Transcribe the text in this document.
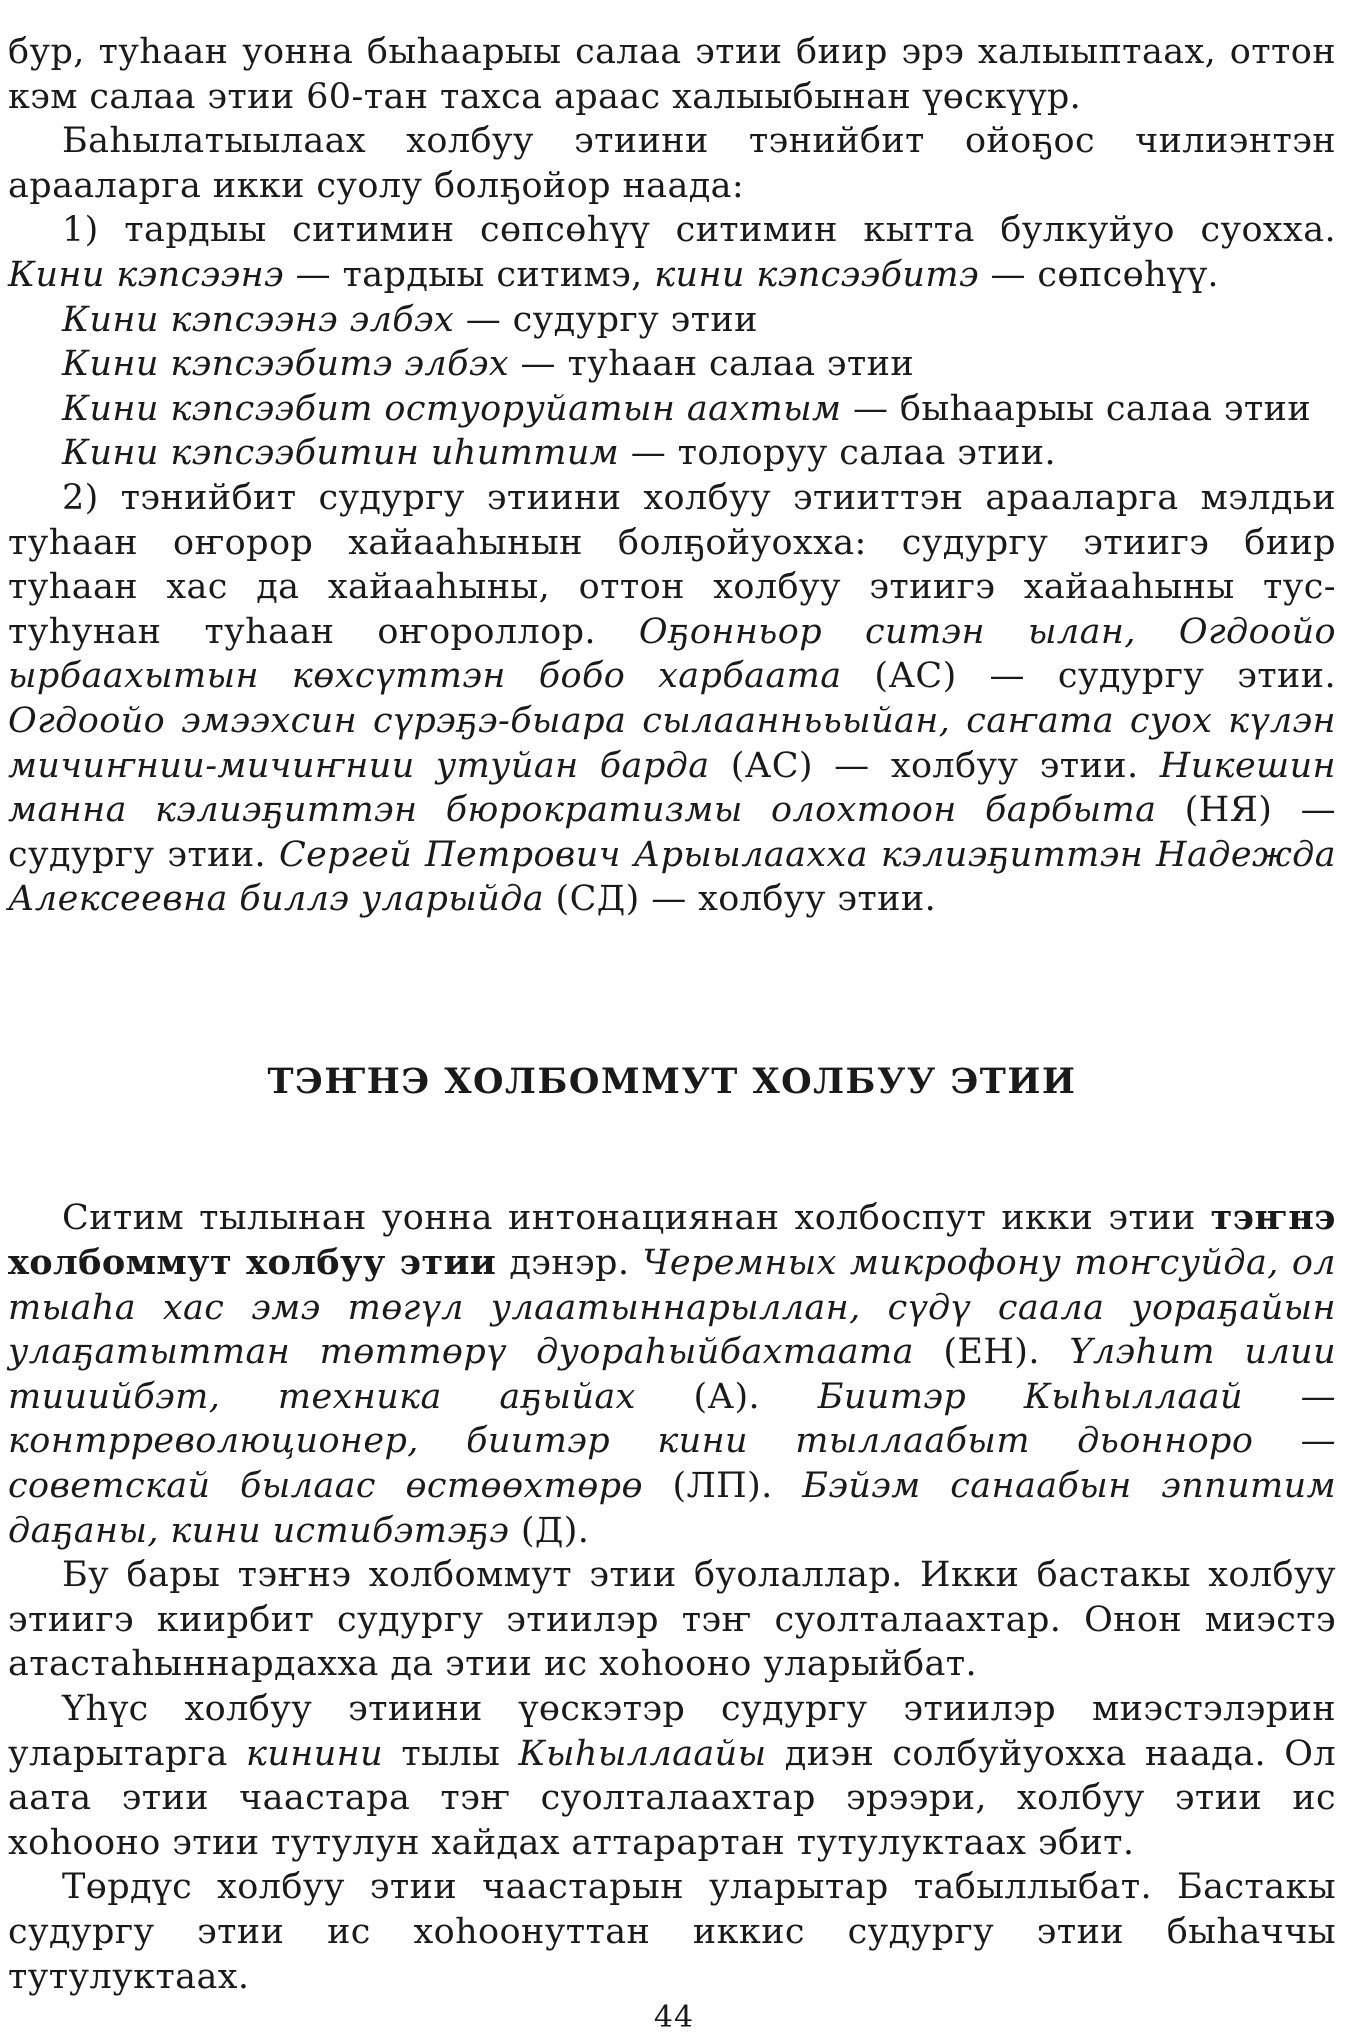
бур, туhаан уонна быhаарыы салаа этии биир эрэ халыыптаах, оттон кэм салаа этии 60-тан тахса араас халыыбынан үөскүүр.

Баhылатыылаах холбуу этиини тэнийбит ойоҕос чилиэнтэн арааларга икки суолу болҕойор наада:

1) тардыы ситимин сөпсөhүү ситимин кытта булкуйуо суохха. Кини кэпсээнэ — тардыы ситимэ, кини кэпсээбитэ — сөпсөhүү.

Кини кэпсээнэ элбэх — судургу этии

Кини кэпсээбитэ элбэх — туhаан салаа этии

Кини кэпсээбит остуоруйатын аахтым — быhаарыы салаа этии

Кини кэпсээбитин иhиттим — толоруу салаа этии.

2) тэнийбит судургу этиини холбуу этииттэн арааларга мэлдьи туhаан оҥорор хайааhынын болҕойуохха: судургу этиигэ биир туhаан хас да хайааhыны, оттон холбуу этиигэ хайааhыны тус-туhунан туhаан оҥороллор. Оҕонньор ситэн ылан, Огдоойо ырбаахытын көхсүттэн бобо харбаата (АС) — судургу этии. Огдоойо эмээхсин сүрэҕэ-быара сылааннььыйан, саҥата суох күлэн мичиҥнии-мичиҥнии утуйан барда (АС) — холбуу этии. Никешин манна кэлиэҕиттэн бюрократизмы олохтоон барбыта (НЯ) — судургу этии. Сергей Петрович Арыылаахха кэлиэҕиттэн Надежда Алексеевна биллэ уларыйда (СД) — холбуу этии.

ТЭҤНЭ ХОЛБОММУТ ХОЛБУУ ЭТИИ

Ситим тылынан уонна интонациянан холбоспут икки этии тэҥнэ холбоммут холбуу этии дэнэр. Черемных микрофону тоҥсуйда, ол тыаhа хас эмэ төгүл улаатыннарыллан, сүдү саала уораҕайын улаҕатыттан төттөрү дуораhыйбахтаата (ЕН). Үлэhит илии тииийбэт, техника аҕыйах (А). Биитэр Кыhыллаай — контрреволюционер, биитэр кини тыллаабыт дьонноро — советскай былаас өстөөхтөрө (ЛП). Бэйэм санаабын эппитим даҕаны, кини истибэтэҕэ (Д).

Бу бары тэҥнэ холбоммут этии буолаллар. Икки бастакы холбуу этиигэ киирбит судургу этиилэр тэҥ суолталаахтар. Онон миэстэ атастаhыннардахха да этии ис хоhооно уларыйбат.

Үhүс холбуу этиини үөскэтэр судургу этиилэр миэстэлэрин уларытарга кинини тылы Кыhыллаайы диэн солбуйуохха наада. Ол аата этии чаастара тэҥ суолталаахтар эрээри, холбуу этии ис хоhооно этии тутулун хайдах аттарартан тутулуктаах эбит.

Төрдүс холбуу этии чаастарын уларытар табыллыбат. Бастакы судургу этии ис хоhоонуттан иккис судургу этии быhаччы тутулуктаах.

44
